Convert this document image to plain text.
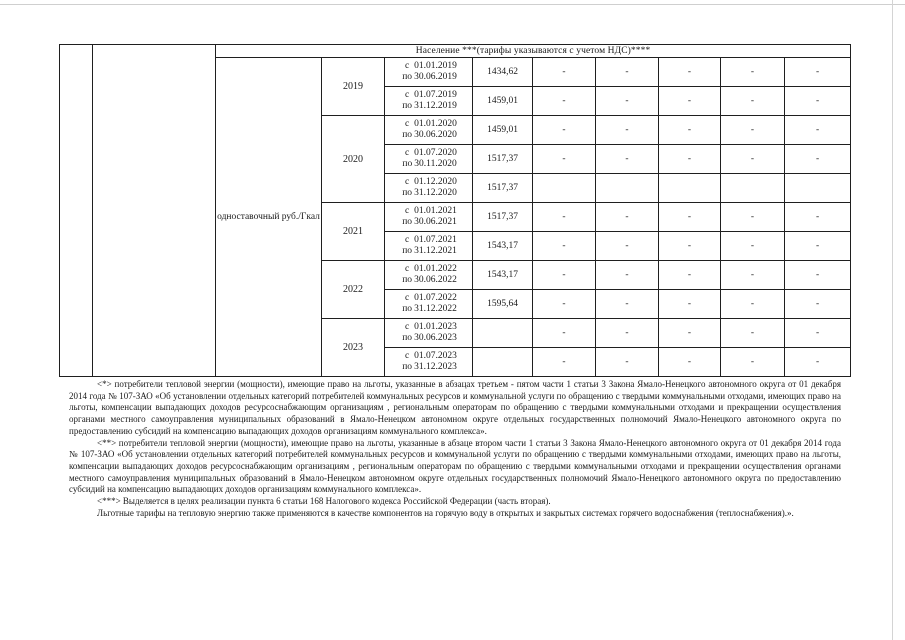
		Население ***(тарифы указываются с учетом НДС)****								
		одноставочный руб./Гкал	2019	с 01.01.2019
по 30.06.2019	1434,62	-	-	-	-	-

				с 01.07.2019
по 31.12.2019	1459,01	-	-	-	-	-
			2020	с 01.01.2020
по 30.06.2020	1459,01	-	-	-	-	-

				с 01.07.2020
по 30.11.2020	1517,37	-	-	-	-	-

				с 01.12.2020
по 31.12.2020	1517,37					
			2021	с 01.01.2021
по 30.06.2021	1517,37	-	-	-	-	-

				с 01.07.2021
по 31.12.2021	1543,17	-	-	-	-	-
			2022	с 01.01.2022
по 30.06.2022	1543,17	-	-	-	-	-

				с 01.07.2022
по 31.12.2022	1595,64	-	-	-	-	-
			2023	с 01.01.2023
по 30.06.2023		-	-	-	-	-

				с 01.07.2023
по 31.12.2023		-	-	-	-	-

<*> потребители тепловой энергии (мощности), имеющие право на льготы, указанные в абзацах третьем - пятом части 1 статьи 3 Закона Ямало-Ненецкого автономного округа от 01 декабря 2014 года № 107-ЗАО «Об установлении отдельных категорий потребителей коммунальных ресурсов и коммунальной услуги по обращению с твердыми коммунальными отходами, имеющих право на льготы, компенсации выпадающих доходов ресурсоснабжающим организациям , региональным операторам по обращению с твердыми коммунальными отходами и прекращении осуществления органами местного самоуправления муниципальных образований в Ямало-Ненецком автономном округе отдельных государственных полномочий Ямало-Ненецкого автономного округа по предоставлению субсидий на компенсацию выпадающих доходов организациям коммунального комплекса».

<**> потребители тепловой энергии (мощности), имеющие право на льготы, указанные в абзаце втором части 1 статьи 3 Закона Ямало-Ненецкого автономного округа от 01 декабря 2014 года № 107-ЗАО «Об установлении отдельных категорий потребителей коммунальных ресурсов и коммунальной услуги по обращению с твердыми коммунальными отходами, имеющих право на льготы, компенсации выпадающих доходов ресурсоснабжающим организациям , региональным операторам по обращению с твердыми коммунальными отходами и прекращении осуществления органами местного самоуправления муниципальных образований в Ямало-Ненецком автономном округе отдельных государственных полномочий Ямало-Ненецкого автономного округа по предоставлению субсидий на компенсацию выпадающих доходов организациям коммунального комплекса».

<***> Выделяется в целях реализации пункта 6 статьи 168 Налогового кодекса Российской Федерации (часть вторая).

Льготные тарифы на тепловую энергию также применяются в качестве компонентов на горячую воду в открытых и закрытых системах горячего водоснабжения (теплоснабжения).».
